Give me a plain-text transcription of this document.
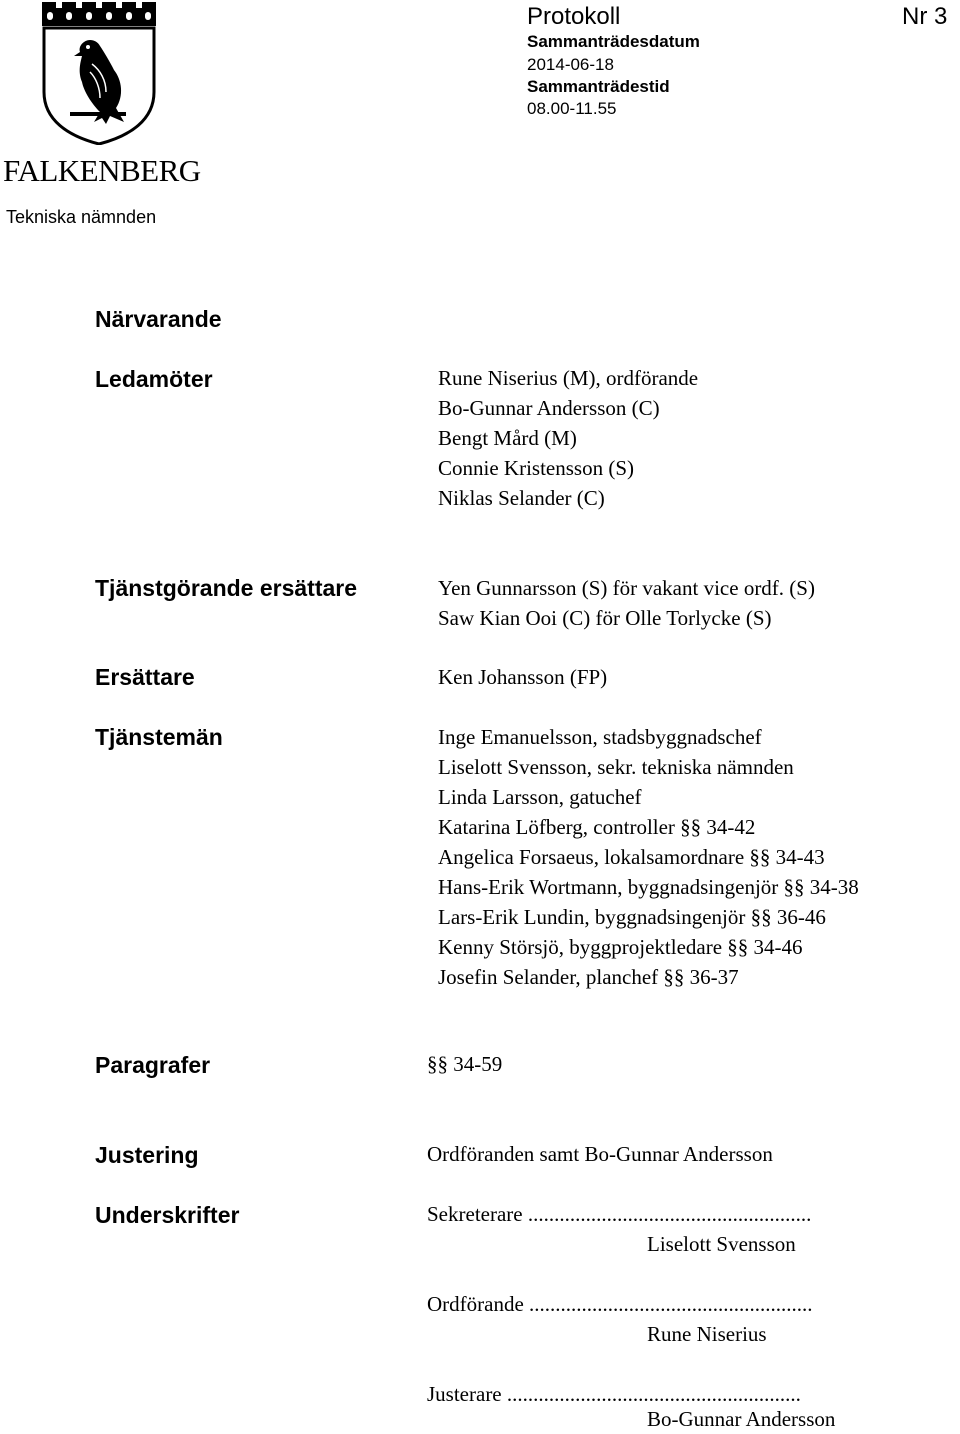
FALKENBERG
Tekniska nämnden
Protokoll	Nr 3
Sammanträdesdatum
2014-06-18
Sammanträdestid
08.00-11.55
Närvarande
Ledamöter	Rune Niserius (M), ordförande
Bo-Gunnar Andersson (C)
Bengt Mård (M)
Connie Kristensson (S)
Niklas Selander (C)
Tjänstgörande ersättare	Yen Gunnarsson (S) för vakant vice ordf. (S)
Saw Kian Ooi (C) för Olle Torlycke (S)
Ersättare	Ken Johansson (FP)
Tjänstemän	Inge Emanuelsson, stadsbyggnadschef
Liselott Svensson, sekr. tekniska nämnden
Linda Larsson, gatuchef
Katarina Löfberg, controller §§ 34-42
Angelica Forsaeus, lokalsamordnare §§ 34-43
Hans-Erik Wortmann, byggnadsingenjör §§ 34-38
Lars-Erik Lundin, byggnadsingenjör §§ 36-46
Kenny Störsjö, byggprojektledare §§ 34-46
Josefin Selander, planchef §§ 36-37
Paragrafer	§§ 34-59
Justering	Ordföranden samt Bo-Gunnar Andersson
Underskrifter	Sekreterare ......................................................
Liselott Svensson
Ordförande ......................................................
Rune Niserius
Justerare ........................................................
Bo-Gunnar Andersson
